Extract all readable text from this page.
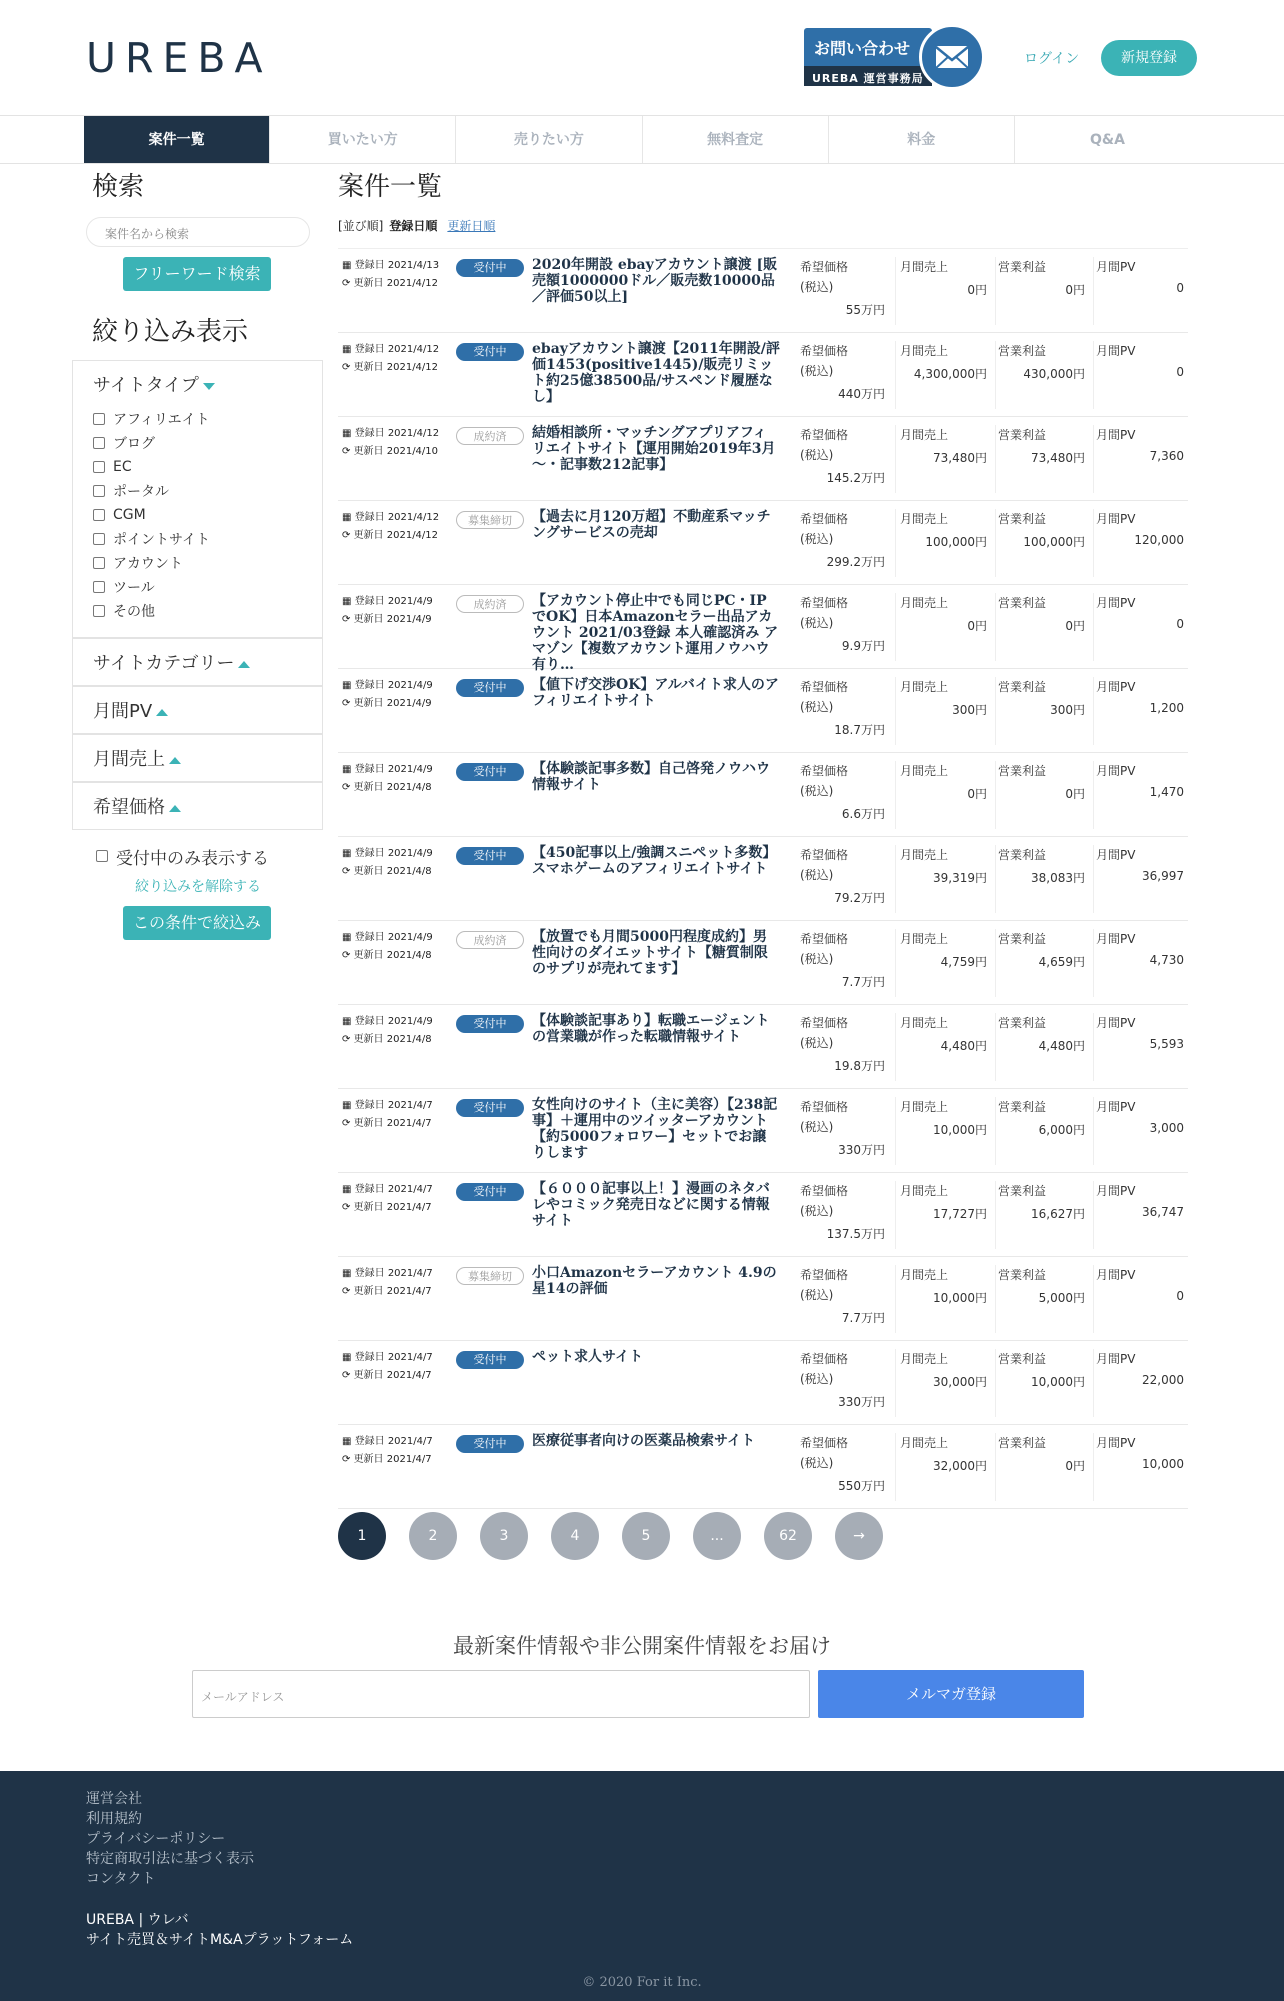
UREBA	お問い合わせ
UREBA 運営事務局
ログイン	新規登録
案件一覧	買いたい方	売りたい方	無料査定	料金	Q&A
検索
案件名から検索
フリーワード検索
絞り込み表示
サイトタイプ
アフィリエイト
ブログ
EC
ポータル
CGM
ポイントサイト
アカウント
ツール
その他
サイトカテゴリー
月間PV
月間売上
希望価格
受付中のみ表示する
絞り込みを解除する
この条件で絞込み
案件一覧
[並び順] 登録日順 更新日順
▦ 登録日 2021/4/13
⟳ 更新日 2021/4/12
受付中	2020年開設 ebayアカウント譲渡 [販売額1000000ドル／販売数10000品／評価50以上]
希望価格(税込)
55万円
月間売上
0円
営業利益
0円
月間PV
0
▦ 登録日 2021/4/12
⟳ 更新日 2021/4/12
受付中	ebayアカウント譲渡【2011年開設/評価1453(positive1445)/販売リミット約25億38500品/サスペンド履歴なし】
希望価格(税込)
440万円
月間売上
4,300,000円
営業利益
430,000円
月間PV
0
▦ 登録日 2021/4/12
⟳ 更新日 2021/4/10
成約済	結婚相談所・マッチングアプリアフィリエイトサイト【運用開始2019年3月～・記事数212記事】
希望価格(税込)
145.2万円
月間売上
73,480円
営業利益
73,480円
月間PV
7,360
▦ 登録日 2021/4/12
⟳ 更新日 2021/4/12
募集締切	【過去に月120万超】不動産系マッチングサービスの売却
希望価格(税込)
299.2万円
月間売上
100,000円
営業利益
100,000円
月間PV
120,000
▦ 登録日 2021/4/9
⟳ 更新日 2021/4/9
成約済	【アカウント停止中でも同じPC・IPでOK】日本Amazonセラー出品アカウント 2021/03登録 本人確認済み アマゾン【複数アカウント運用ノウハウ有り…
希望価格(税込)
9.9万円
月間売上
0円
営業利益
0円
月間PV
0
▦ 登録日 2021/4/9
⟳ 更新日 2021/4/9
受付中	【値下げ交渉OK】アルバイト求人のアフィリエイトサイト
希望価格(税込)
18.7万円
月間売上
300円
営業利益
300円
月間PV
1,200
▦ 登録日 2021/4/9
⟳ 更新日 2021/4/8
受付中	【体験談記事多数】自己啓発ノウハウ情報サイト
希望価格(税込)
6.6万円
月間売上
0円
営業利益
0円
月間PV
1,470
▦ 登録日 2021/4/9
⟳ 更新日 2021/4/8
受付中	【450記事以上/強調スニペット多数】スマホゲームのアフィリエイトサイト
希望価格(税込)
79.2万円
月間売上
39,319円
営業利益
38,083円
月間PV
36,997
▦ 登録日 2021/4/9
⟳ 更新日 2021/4/8
成約済	【放置でも月間5000円程度成約】男性向けのダイエットサイト【糖質制限のサプリが売れてます】
希望価格(税込)
7.7万円
月間売上
4,759円
営業利益
4,659円
月間PV
4,730
▦ 登録日 2021/4/9
⟳ 更新日 2021/4/8
受付中	【体験談記事あり】転職エージェントの営業職が作った転職情報サイト
希望価格(税込)
19.8万円
月間売上
4,480円
営業利益
4,480円
月間PV
5,593
▦ 登録日 2021/4/7
⟳ 更新日 2021/4/7
受付中	女性向けのサイト（主に美容）【238記事】＋運用中のツイッターアカウント【約5000フォロワー】セットでお譲りします
希望価格(税込)
330万円
月間売上
10,000円
営業利益
6,000円
月間PV
3,000
▦ 登録日 2021/4/7
⟳ 更新日 2021/4/7
受付中	【６０００記事以上！】漫画のネタバレやコミック発売日などに関する情報サイト
希望価格(税込)
137.5万円
月間売上
17,727円
営業利益
16,627円
月間PV
36,747
▦ 登録日 2021/4/7
⟳ 更新日 2021/4/7
募集締切	小口Amazonセラーアカウント 4.9の星14の評価
希望価格(税込)
7.7万円
月間売上
10,000円
営業利益
5,000円
月間PV
0
▦ 登録日 2021/4/7
⟳ 更新日 2021/4/7
受付中	ペット求人サイト	希望価格(税込)
330万円
月間売上
30,000円
営業利益
10,000円
月間PV
22,000
▦ 登録日 2021/4/7
⟳ 更新日 2021/4/7
受付中	医療従事者向けの医薬品検索サイト	希望価格(税込)
550万円
月間売上
32,000円
営業利益
0円
月間PV
10,000
1	2	3	4	5	...	62	→
最新案件情報や非公開案件情報をお届け
メールアドレス	メルマガ登録
運営会社
利用規約
プライバシーポリシー
特定商取引法に基づく表示
コンタクト
UREBA | ウレバ
サイト売買＆サイトM&Aプラットフォーム
© 2020 For it Inc.
